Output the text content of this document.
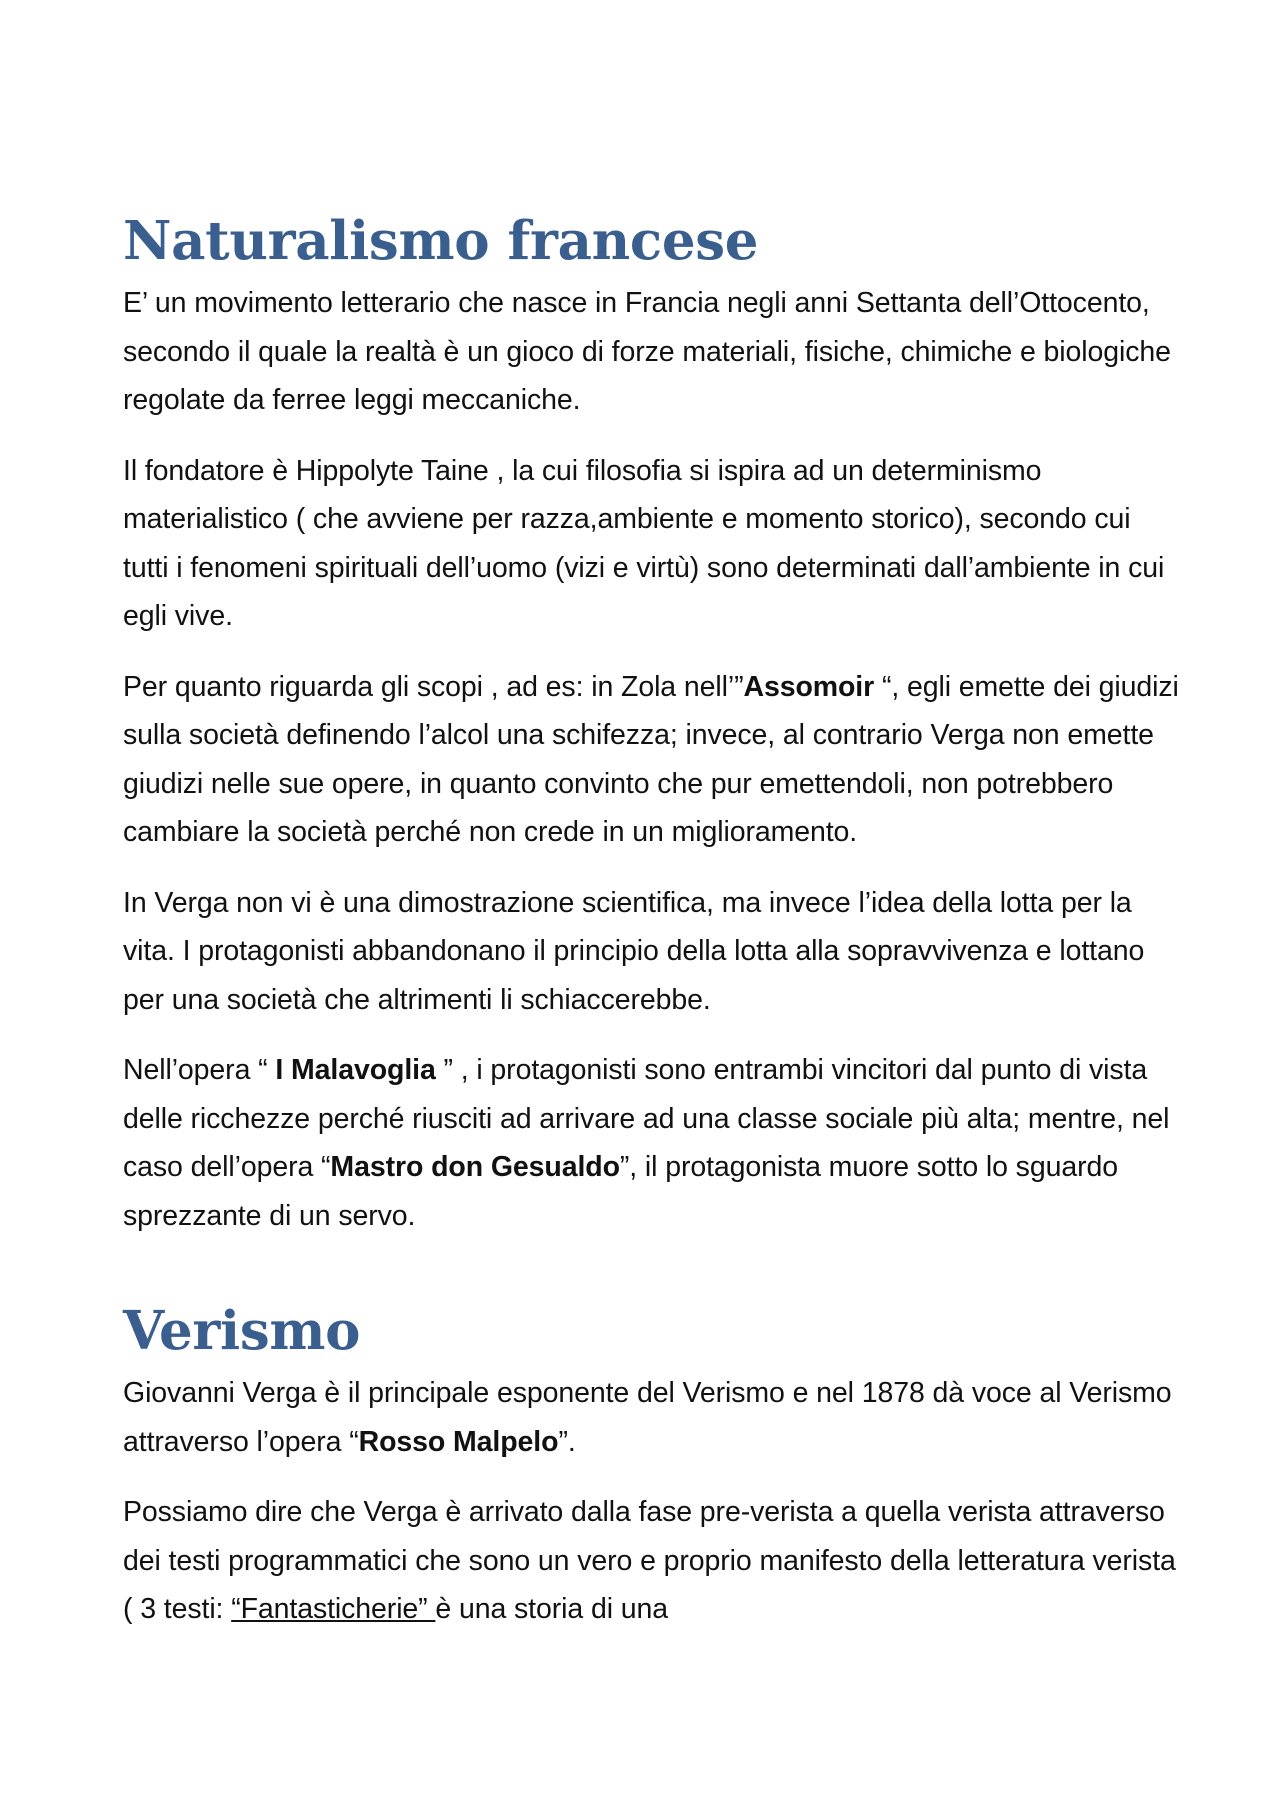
Naturalismo francese

E’ un movimento letterario che nasce in Francia negli anni Settanta dell’Ottocento, secondo il quale la realtà è un gioco di forze materiali, fisiche, chimiche e biologiche regolate da ferree leggi meccaniche.

Il fondatore è Hippolyte Taine , la cui filosofia si ispira ad un determinismo materialistico ( che avviene per razza,ambiente e momento storico), secondo cui tutti i fenomeni spirituali dell’uomo (vizi e virtù) sono determinati dall’ambiente in cui egli vive.

Per quanto riguarda gli scopi , ad es: in Zola nell’”Assomoir “, egli emette dei giudizi sulla società definendo l’alcol una schifezza; invece, al contrario Verga non emette giudizi nelle sue opere, in quanto convinto che pur emettendoli, non potrebbero cambiare la società perché non crede in un miglioramento.

In Verga non vi è una dimostrazione scientifica, ma invece l’idea della lotta per la vita. I protagonisti abbandonano il principio della lotta alla sopravvivenza e lottano per una società che altrimenti li schiaccerebbe.

Nell’opera “ I Malavoglia ” , i protagonisti sono entrambi vincitori dal punto di vista delle ricchezze perché riusciti ad arrivare ad una classe sociale più alta; mentre, nel caso dell’opera “Mastro don Gesualdo”, il protagonista muore sotto lo sguardo sprezzante di un servo.

Verismo

Giovanni Verga è il principale esponente del Verismo e nel 1878 dà voce al Verismo attraverso l’opera “Rosso Malpelo”.

Possiamo dire che Verga è arrivato dalla fase pre-verista a quella verista attraverso dei testi programmatici che sono un vero e proprio manifesto della letteratura verista ( 3 testi: “Fantasticherie” è una storia di una
